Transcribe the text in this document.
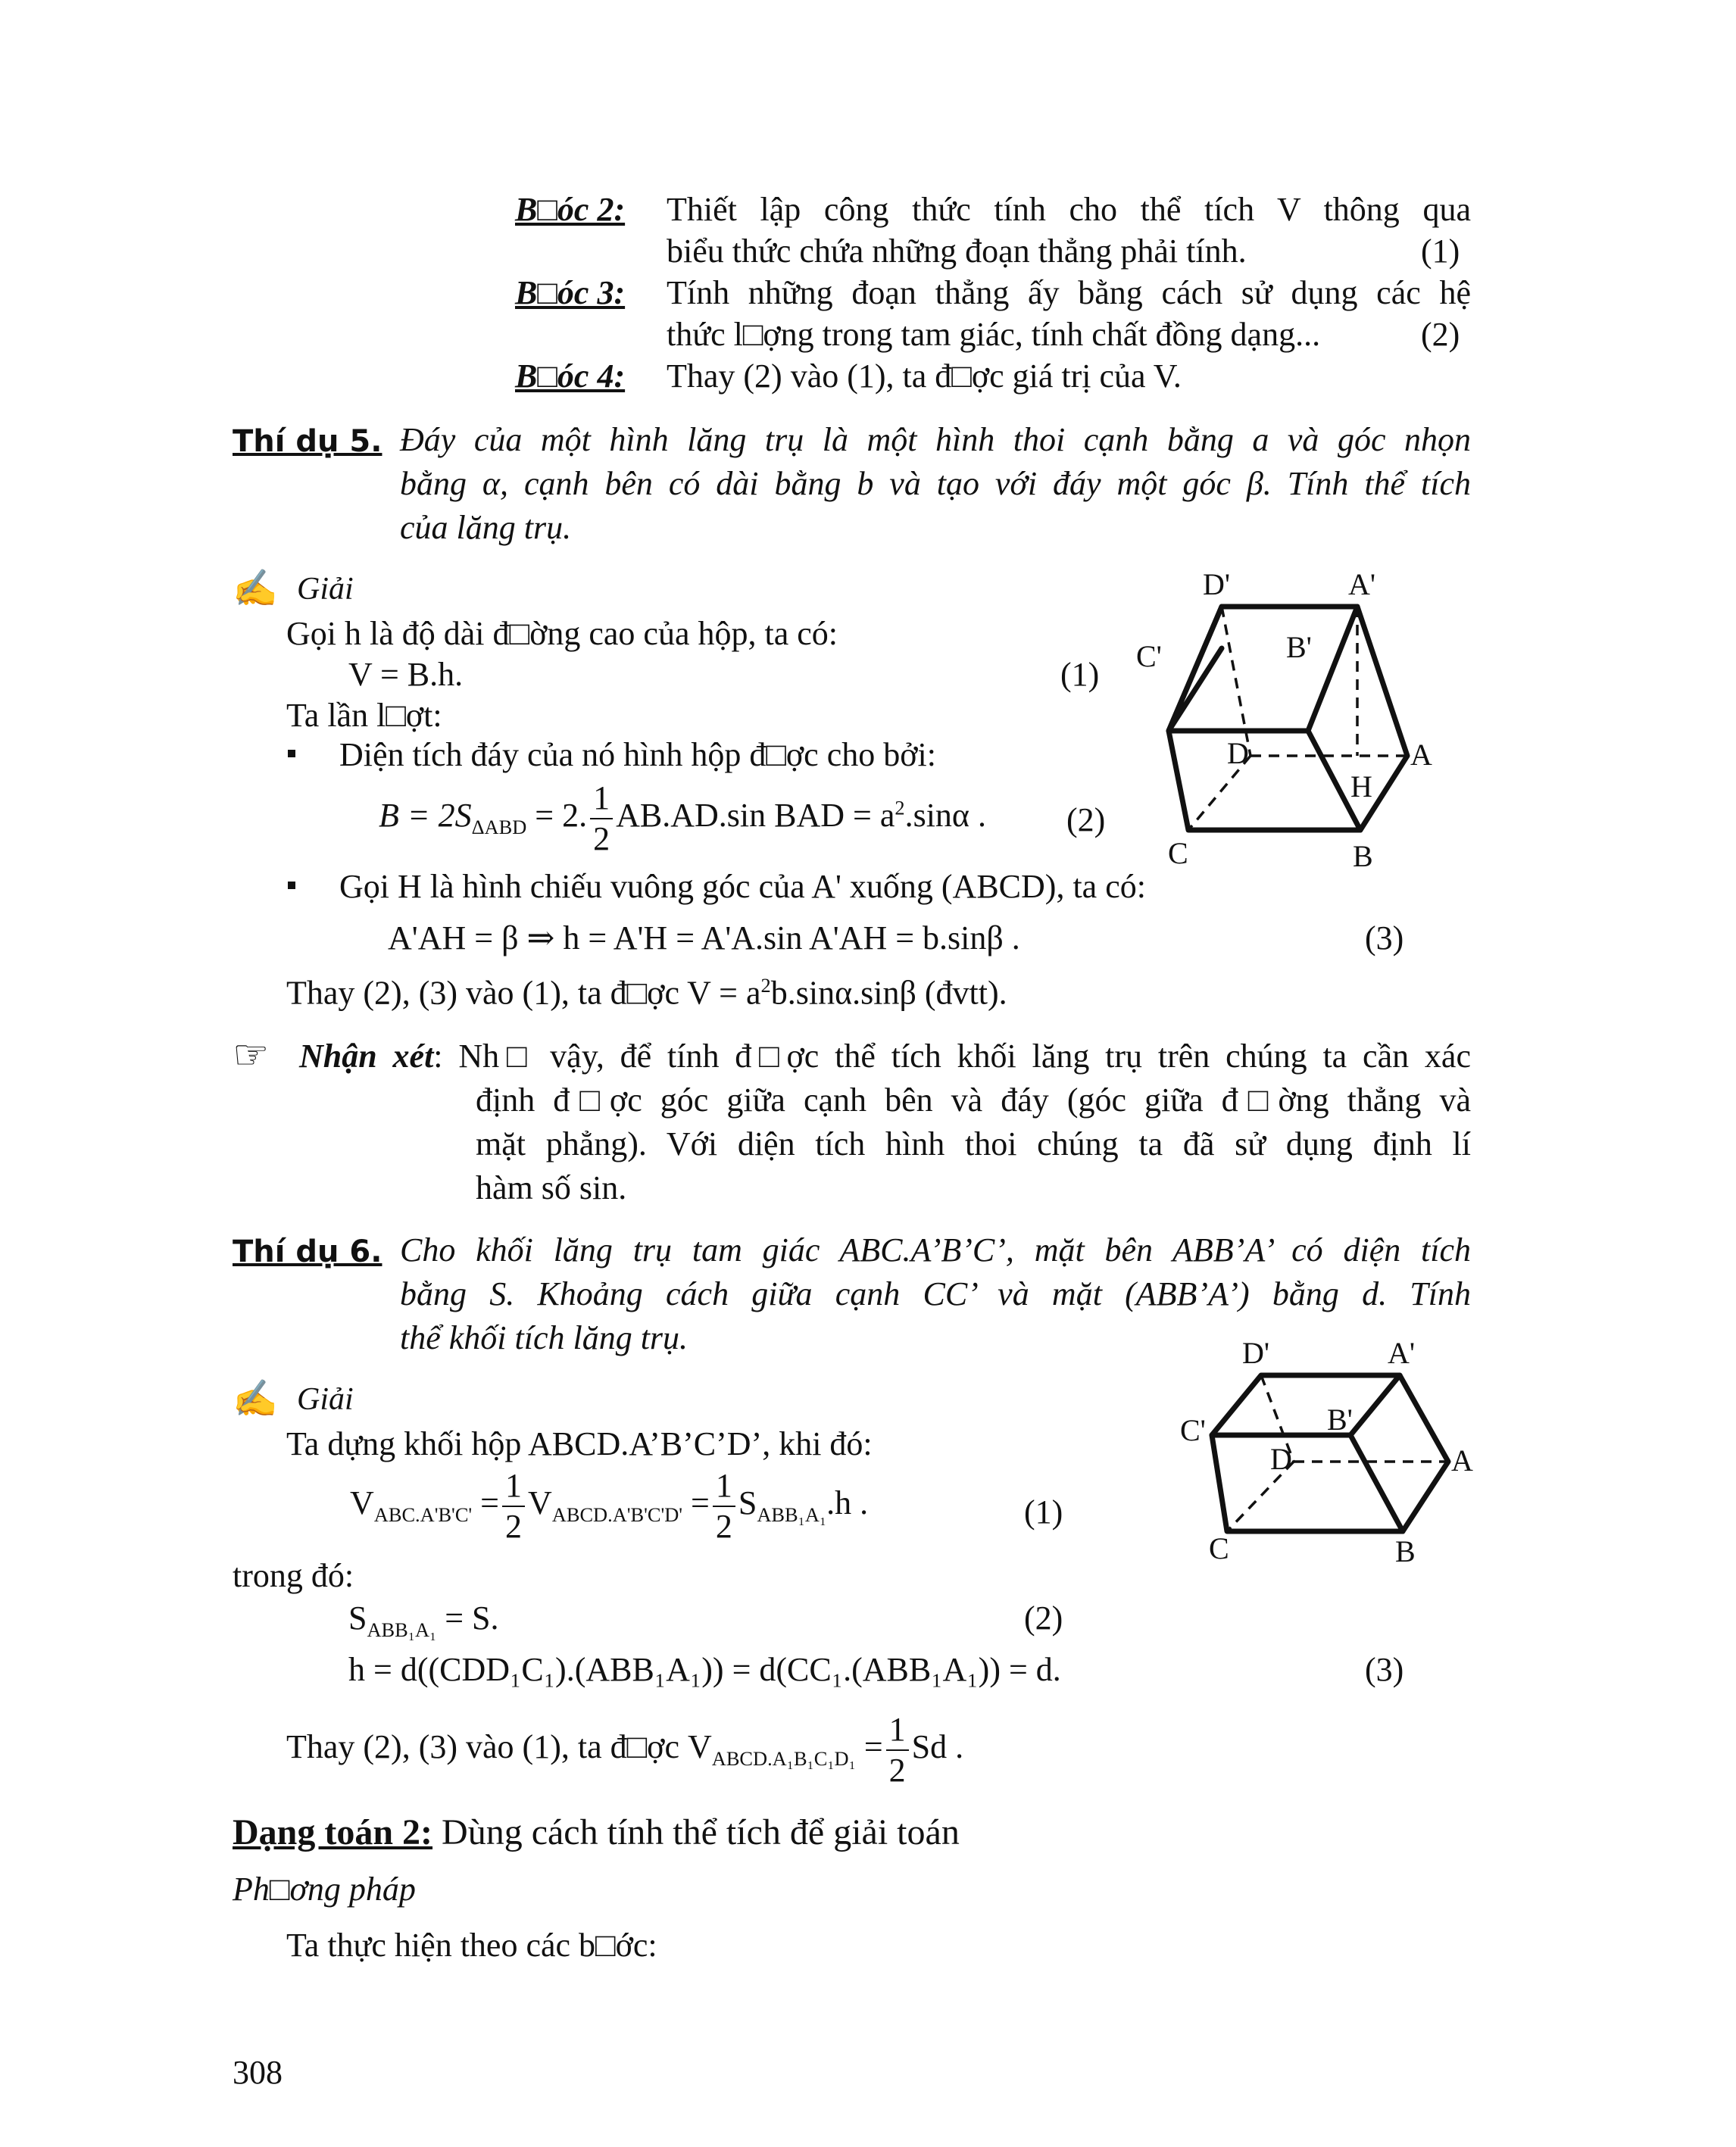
B□óc 2: Thiết lập công thức tính cho thể tích V thông qua
biểu thức chứa những đoạn thẳng phải tính.	(1)
B□óc 3: Tính những đoạn thẳng ấy bằng cách sử dụng các hệ
thức l□ợng trong tam giác, tính chất đồng dạng...	(2)
B□óc 4: Thay (2) vào (1), ta đ□ợc giá trị của V.
Thí dụ 5. Đáy của một hình lăng trụ là một hình thoi cạnh bằng a và góc nhọn
bằng α, cạnh bên có dài bằng b và tạo với đáy một góc β. Tính thể tích
của lăng trụ.
✍ Giải
Gọi h là độ dài đ□ờng cao của hộp, ta có:
V = B.h.	(1)
Ta lần l□ợt:
Diện tích đáy của nó hình hộp đ□ợc cho bởi:
$B = 2S_{\Delta ABD} = 2$. $\frac{1}{2} AB.AD.\sin$ BAD = $a^2.\sin\alpha$ . (2)
Gọi H là hình chiếu vuông góc của A' xuống (ABCD), ta có:
A'AH = β ⇒ h = A'H = A'A.sin A'AH = b.sinβ .	(3)
Thay (2), (3) vào (1), ta đ□ợc $V = a^2b.\sin\alpha.\sin\beta$ (đvtt).
D'	A'
C'	B'
D	A
H
C	B
☞ Nhận xét: Nh□ vậy, để tính đ□ợc thể tích khối lăng trụ trên chúng ta cần xác
định đ□ợc góc giữa cạnh bên và đáy (góc giữa đ□ờng thẳng và
mặt phẳng). Với diện tích hình thoi chúng ta đã sử dụng định lí
hàm số sin.
Thí dụ 6. Cho khối lăng trụ tam giác ABC.A’B’C’, mặt bên ABB’A’ có diện tích
bằng S. Khoảng cách giữa cạnh CC’ và mặt (ABB’A’) bằng d. Tính
thể khối tích lăng trụ.
✍ Giải
Ta dựng khối hộp ABCD.A’B’C’D’, khi đó:
$V_{ABC.A'B'C'} = \frac{1}{2} V_{ABCD.A'B'C'D'} = \frac{1}{2} S_{ABB_1A_1}.h$ .	(1)
trong đó:
$S_{ABB_1A_1} = S$.	(2)
h = d((CDD₁C₁).(ABB₁A₁)) = d(CC₁.(ABB₁A₁)) = d.	(3)
Thay (2), (3) vào (1), ta đ□ợc $V_{ABCD.A_1B_1C_1D_1} = \frac{1}{2}$ Sd .
D'	A'
C'	B'
D	A
C	B
Dạng toán 2: Dùng cách tính thể tích để giải toán
Ph□ơng pháp
Ta thực hiện theo các b□ớc:
308
